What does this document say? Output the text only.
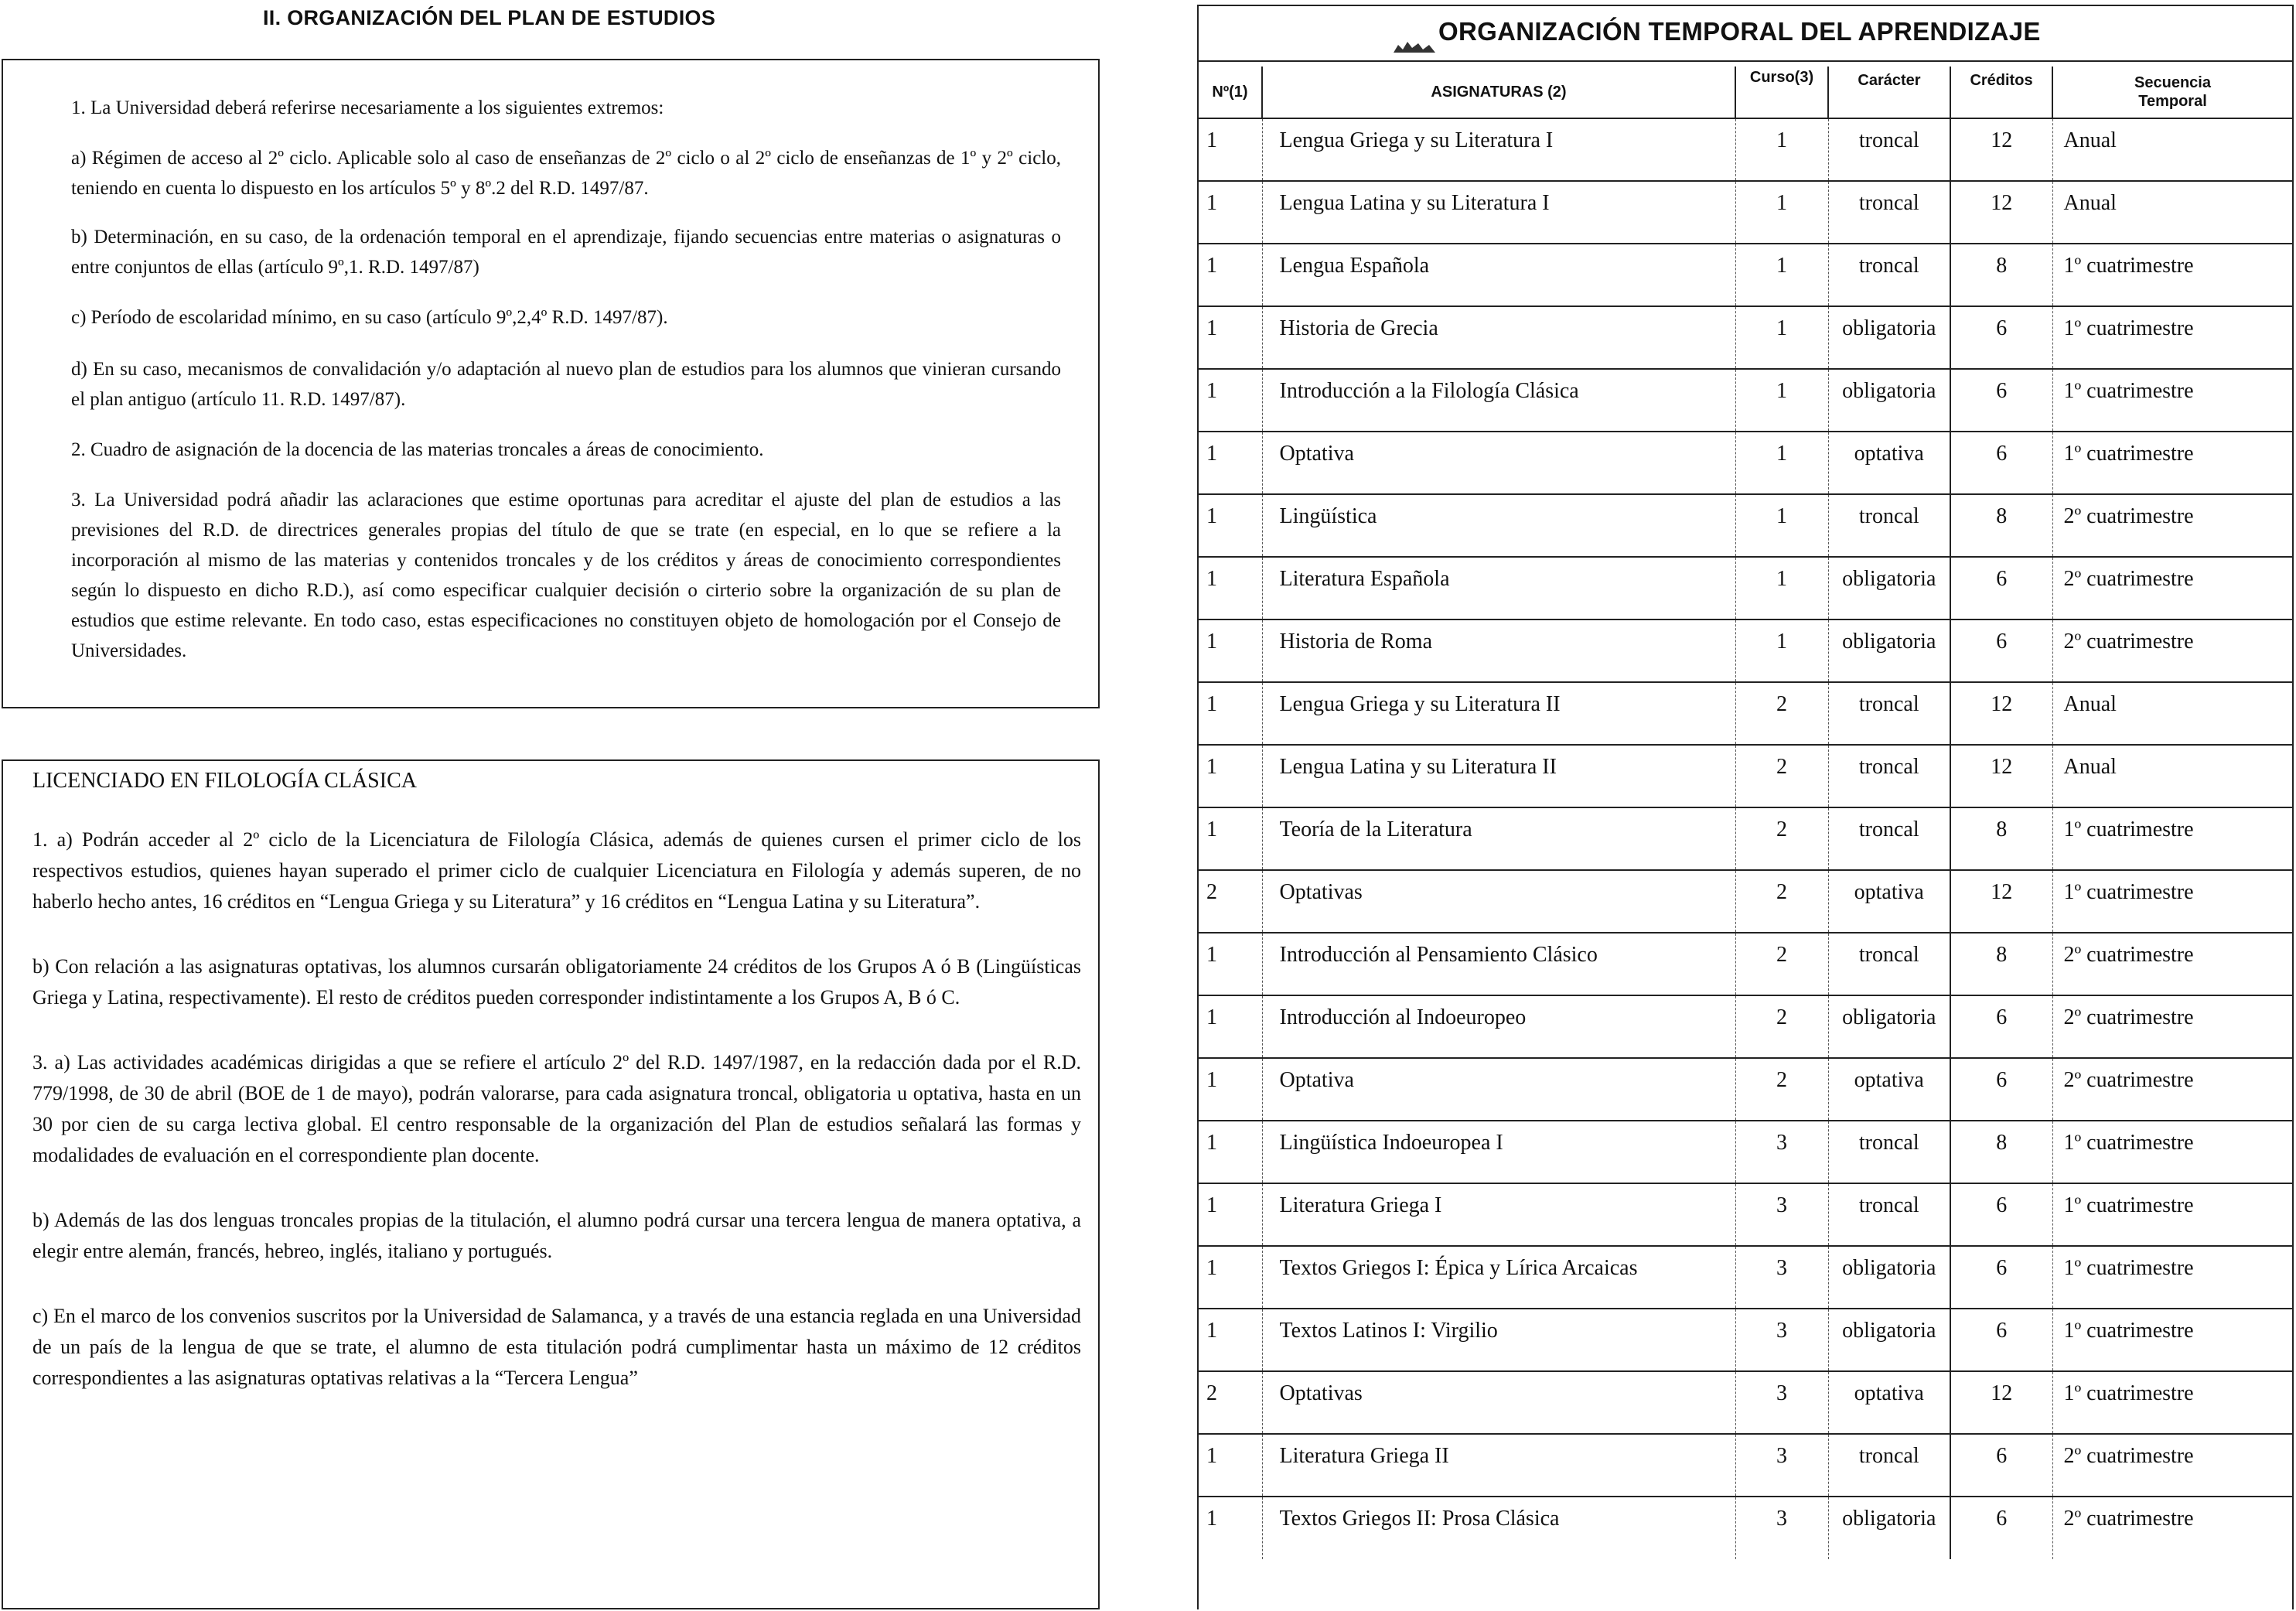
II. ORGANIZACIÓN DEL PLAN DE ESTUDIOS

1. La Universidad deberá referirse necesariamente a los siguientes extremos:

a) Régimen de acceso al 2º ciclo. Aplicable solo al caso de enseñanzas de 2º ciclo o al 2º ciclo de enseñanzas de 1º y 2º ciclo, teniendo en cuenta lo dispuesto en los artículos 5º y 8º.2 del R.D. 1497/87.

b) Determinación, en su caso, de la ordenación temporal en el aprendizaje, fijando secuencias entre materias o asignaturas o entre conjuntos de ellas (artículo 9º,1. R.D. 1497/87)

c) Período de escolaridad mínimo, en su caso (artículo 9º,2,4º R.D. 1497/87).

d) En su caso, mecanismos de convalidación y/o adaptación al nuevo plan de estudios para los alumnos que vinieran cursando el plan antiguo (artículo 11. R.D. 1497/87).

2. Cuadro de asignación de la docencia de las materias troncales a áreas de conocimiento.

3. La Universidad podrá añadir las aclaraciones que estime oportunas para acreditar el ajuste del plan de estudios a las previsiones del R.D. de directrices generales propias del título de que se trate (en especial, en lo que se refiere a la incorporación al mismo de las materias y contenidos troncales y de los créditos y áreas de conocimiento correspondientes según lo dispuesto en dicho R.D.), así como especificar cualquier decisión o cirterio sobre la organización de su plan de estudios que estime relevante. En todo caso, estas especificaciones no constituyen objeto de homologación por el Consejo de Universidades.

LICENCIADO EN FILOLOGÍA CLÁSICA

1. a) Podrán acceder al 2º ciclo de la Licenciatura de Filología Clásica, además de quienes cursen el primer ciclo de los respectivos estudios, quienes hayan superado el primer ciclo de cualquier Licenciatura en Filología y además superen, de no haberlo hecho antes, 16 créditos en “Lengua Griega y su Literatura” y 16 créditos en “Lengua Latina y su Literatura”.

b) Con relación a las asignaturas optativas, los alumnos cursarán obligatoriamente 24 créditos de los Grupos A ó B (Lingüísticas Griega y Latina, respectivamente). El resto de créditos pueden corresponder indistintamente a los Grupos A, B ó C.

3. a) Las actividades académicas dirigidas a que se refiere el artículo 2º del R.D. 1497/1987, en la redacción dada por el R.D. 779/1998, de 30 de abril (BOE de 1 de mayo), podrán valorarse, para cada asignatura troncal, obligatoria u optativa, hasta en un 30 por cien de su carga lectiva global. El centro responsable de la organización del Plan de estudios señalará las formas y modalidades de evaluación en el correspondiente plan docente.

b) Además de las dos lenguas troncales propias de la titulación, el alumno podrá cursar una tercera lengua de manera optativa, a elegir entre alemán, francés, hebreo, inglés, italiano y portugués.

c) En el marco de los convenios suscritos por la Universidad de Salamanca, y a través de una estancia reglada en una Universidad de un país de la lengua de que se trate, el alumno de esta titulación podrá cumplimentar hasta un máximo de 12 créditos correspondientes a las asignaturas optativas relativas a la “Tercera Lengua”

ORGANIZACIÓN TEMPORAL DEL APRENDIZAJE
Nº(1)	ASIGNATURAS (2)	Curso(3)	Carácter	Créditos	Secuencia
Temporal

1	Lengua Griega y su Literatura I	1	troncal	12	Anual
1	Lengua Latina y su Literatura I	1	troncal	12	Anual
1	Lengua Española	1	troncal	8	1º cuatrimestre
1	Historia de Grecia	1	obligatoria	6	1º cuatrimestre
1	Introducción a la Filología Clásica	1	obligatoria	6	1º cuatrimestre
1	Optativa	1	optativa	6	1º cuatrimestre
1	Lingüística	1	troncal	8	2º cuatrimestre
1	Literatura Española	1	obligatoria	6	2º cuatrimestre
1	Historia de Roma	1	obligatoria	6	2º cuatrimestre
1	Lengua Griega y su Literatura II	2	troncal	12	Anual
1	Lengua Latina y su Literatura II	2	troncal	12	Anual
1	Teoría de la Literatura	2	troncal	8	1º cuatrimestre
2	Optativas	2	optativa	12	1º cuatrimestre
1	Introducción al Pensamiento Clásico	2	troncal	8	2º cuatrimestre
1	Introducción al Indoeuropeo	2	obligatoria	6	2º cuatrimestre
1	Optativa	2	optativa	6	2º cuatrimestre
1	Lingüística Indoeuropea I	3	troncal	8	1º cuatrimestre
1	Literatura Griega I	3	troncal	6	1º cuatrimestre
1	Textos Griegos I: Épica y Lírica Arcaicas	3	obligatoria	6	1º cuatrimestre
1	Textos Latinos I: Virgilio	3	obligatoria	6	1º cuatrimestre
2	Optativas	3	optativa	12	1º cuatrimestre
1	Literatura Griega II	3	troncal	6	2º cuatrimestre
1	Textos Griegos II: Prosa Clásica	3	obligatoria	6	2º cuatrimestre
